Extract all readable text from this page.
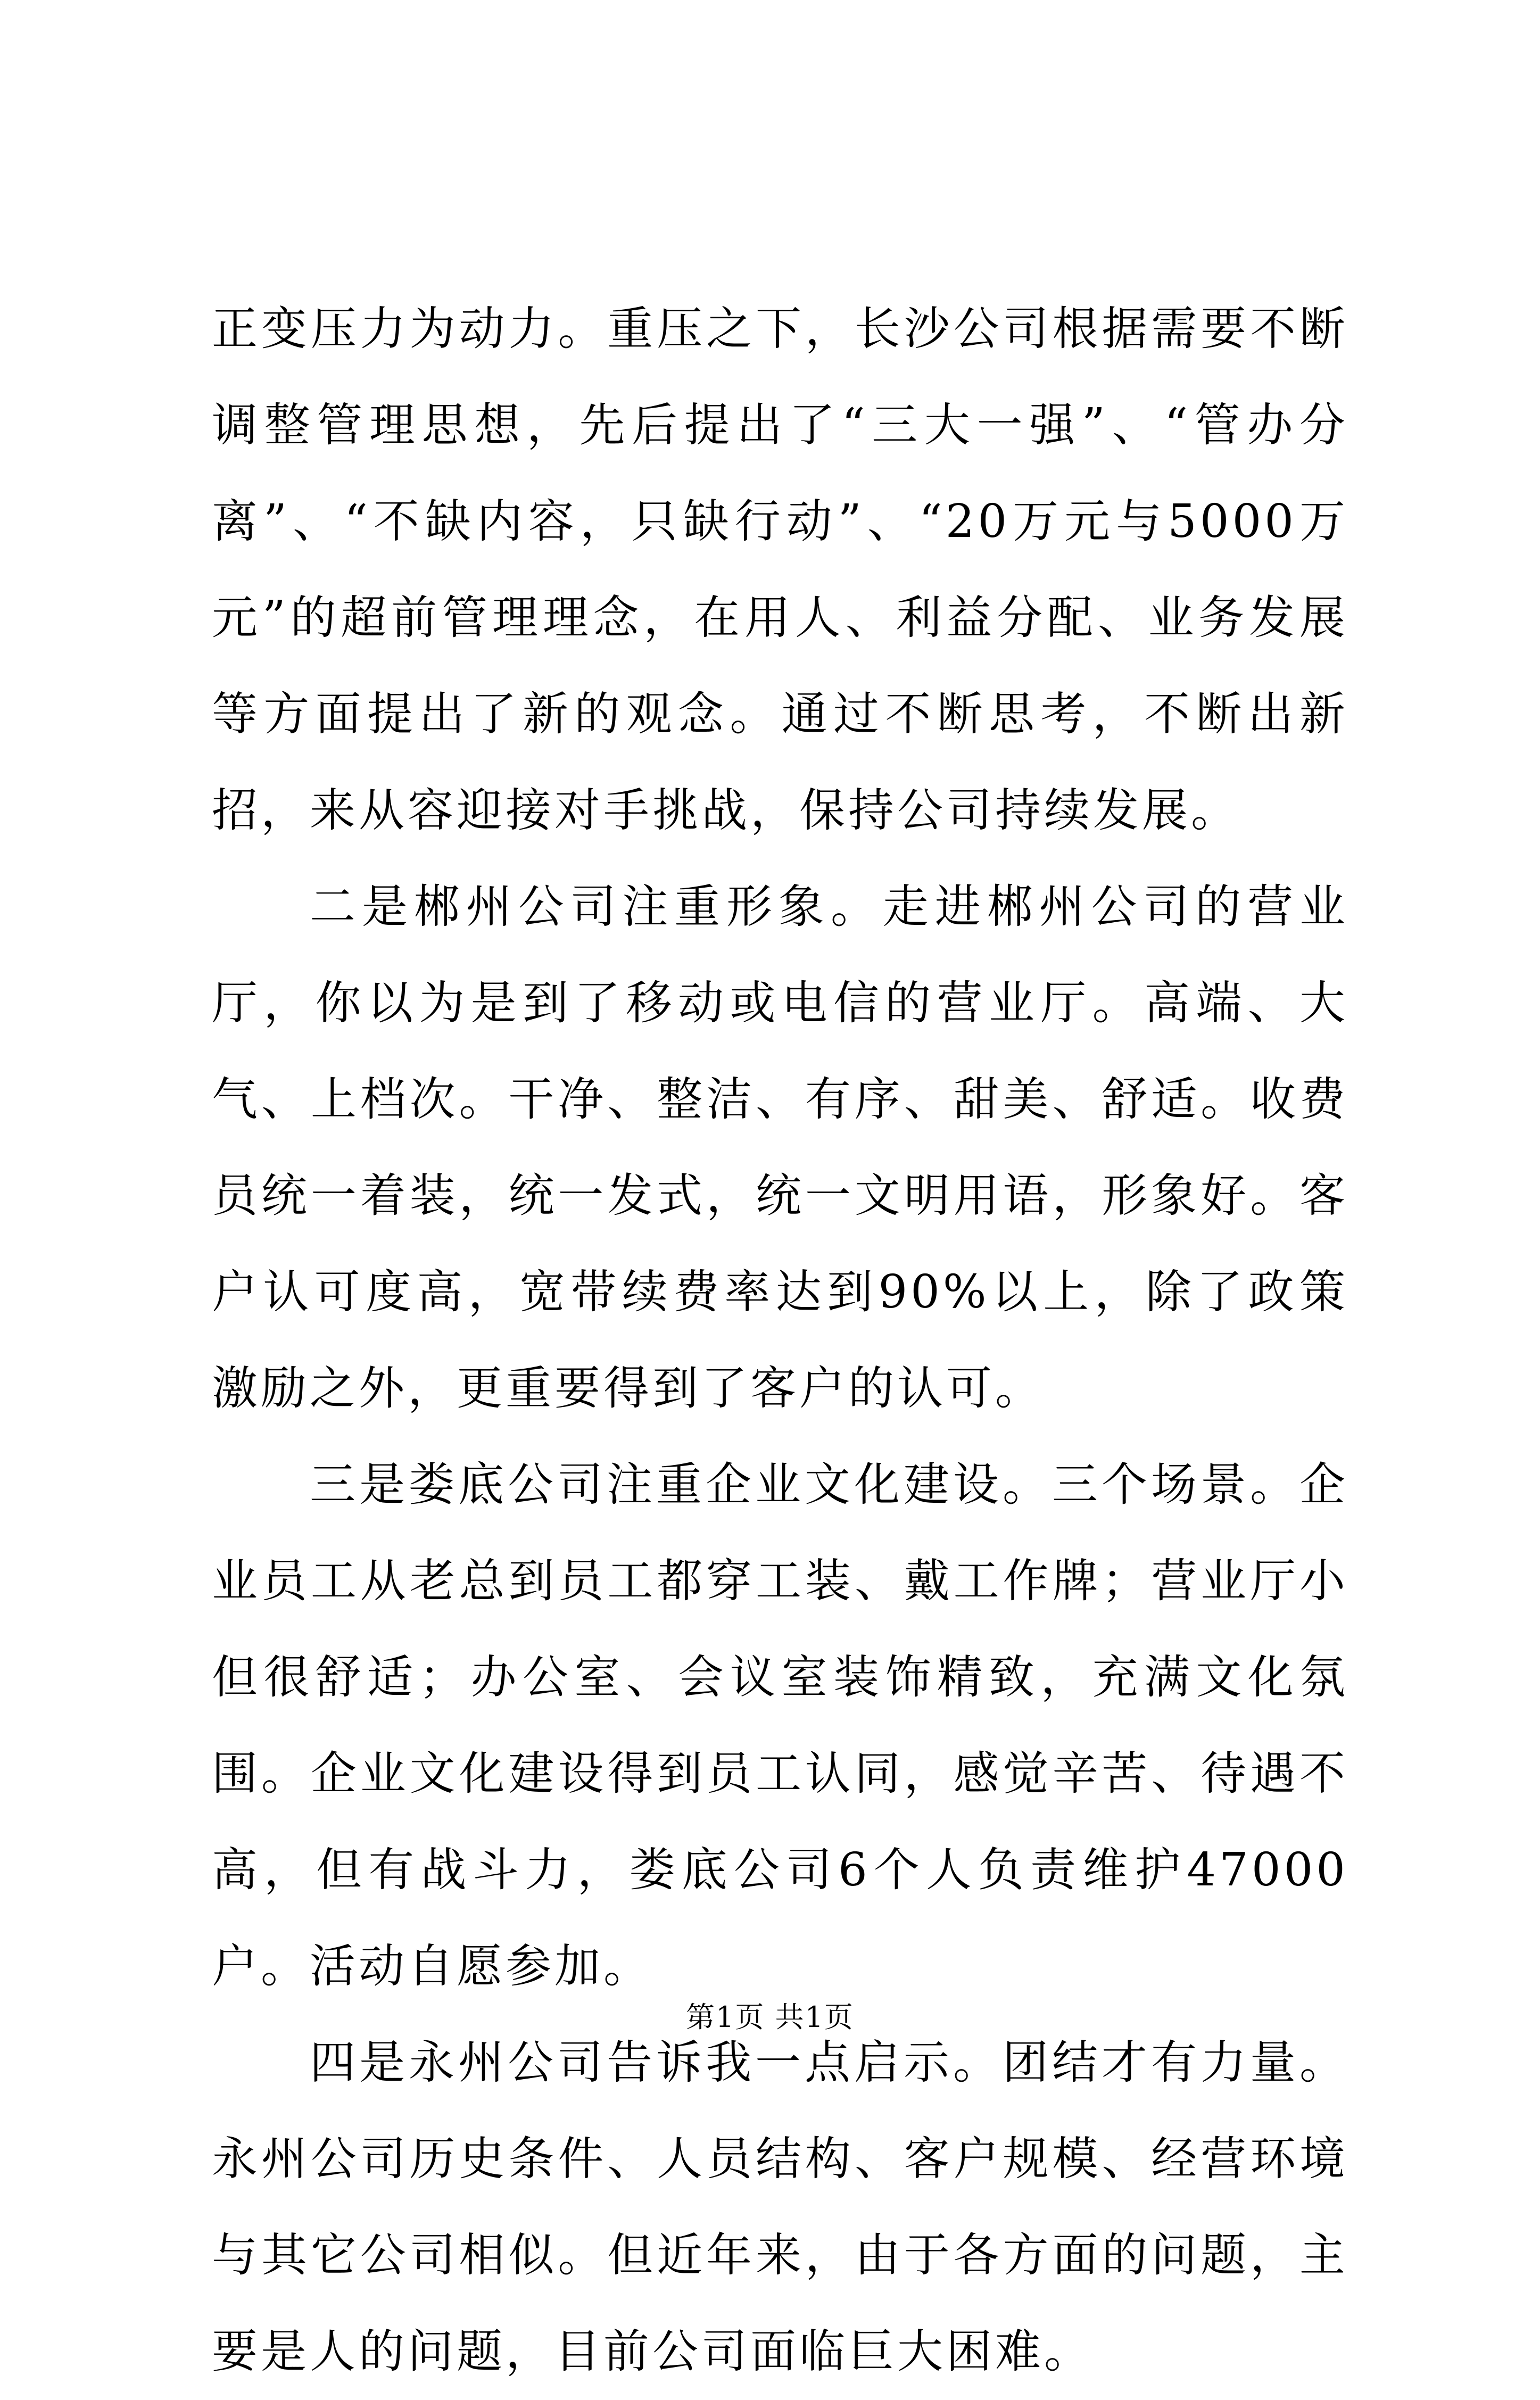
正变压力为动力。重压之下，长沙公司根据需要不断调整管理思想，先后提出了“三大一强”、“管办分离”、“不缺内容，只缺行动”、“20万元与5000万元”的超前管理理念，在用人、利益分配、业务发展等方面提出了新的观念。通过不断思考，不断出新招，来从容迎接对手挑战，保持公司持续发展。

二是郴州公司注重形象。走进郴州公司的营业厅，你以为是到了移动或电信的营业厅。高端、大气、上档次。干净、整洁、有序、甜美、舒适。收费员统一着装，统一发式，统一文明用语，形象好。客户认可度高，宽带续费率达到90%以上，除了政策激励之外，更重要得到了客户的认可。

三是娄底公司注重企业文化建设。三个场景。企业员工从老总到员工都穿工装、戴工作牌；营业厅小但很舒适；办公室、会议室装饰精致，充满文化氛围。企业文化建设得到员工认同，感觉辛苦、待遇不高，但有战斗力，娄底公司6个人负责维护47000户。活动自愿参加。

四是永州公司告诉我一点启示。团结才有力量。永州公司历史条件、人员结构、客户规模、经营环境与其它公司相似。但近年来，由于各方面的问题，主要是人的问题，目前公司面临巨大困难。

第1页 共1页
